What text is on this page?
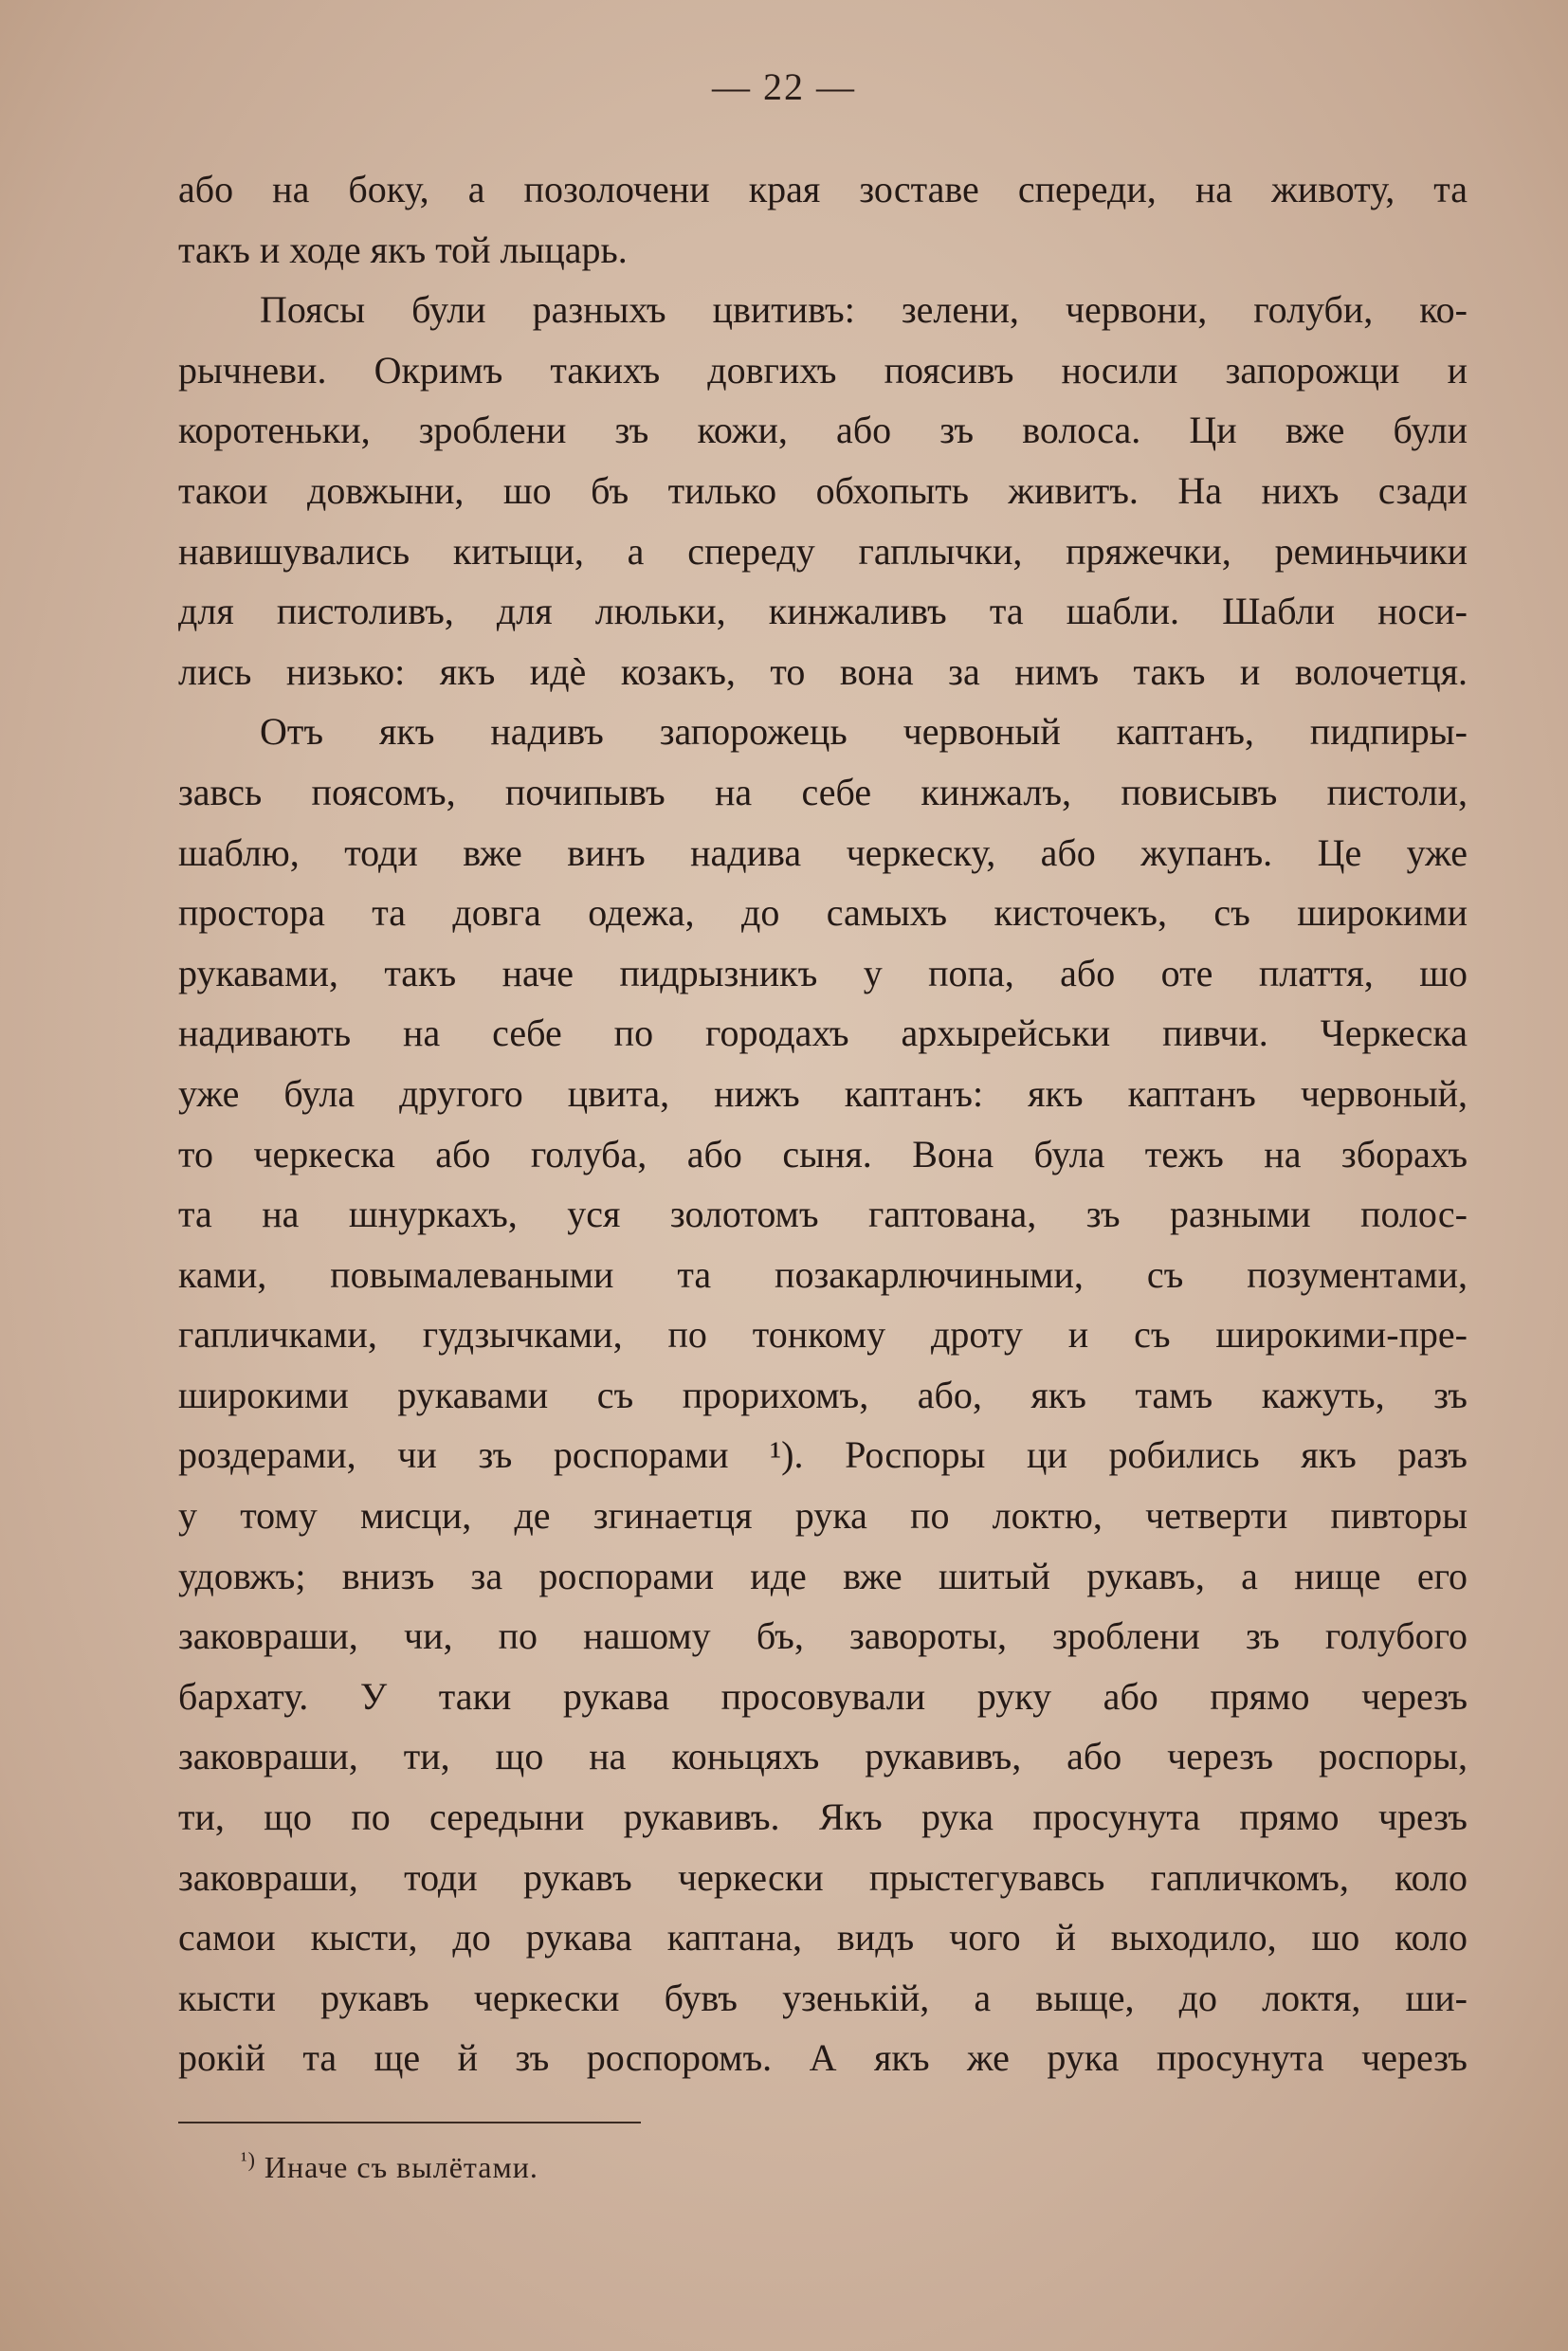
— 22 —
або на боку, а позолочени края зоставе спереди, на животу, та
такъ и ходе якъ той лыцарь.
Поясы були разныхъ цвитивъ: зелени, червони, голуби, ко-
рычневи. Окримъ такихъ довгихъ поясивъ носили запорожци и
коротеньки, зроблени зъ кожи, або зъ волоса. Ци вже були
такои довжыни, шо бъ тилько обхопыть живитъ. На нихъ сзади
навишувались китыци, а спереду гаплычки, пряжечки, реминьчики
для пистоливъ, для люльки, кинжаливъ та шабли. Шабли носи-
лись низько: якъ идѐ козакъ, то вона за нимъ такъ и волочетця.
Отъ якъ надивъ запорожець червоный каптанъ, пидпиры-
завсь поясомъ, почипывъ на себе кинжалъ, повисывъ пистоли,
шаблю, тоди вже винъ надива черкеску, або жупанъ. Це уже
простора та довга одежа, до самыхъ кисточекъ, съ широкими
рукавами, такъ наче пидрызникъ у попа, або оте плаття, шо
надивають на себе по городахъ архырейськи пивчи. Черкеска
уже була другого цвита, нижъ каптанъ: якъ каптанъ червоный,
то черкеска або голуба, або сыня. Вона була тежъ на зборахъ
та на шнуркахъ, уся золотомъ гаптована, зъ разными полос-
ками, повымалеваными та позакарлючиными, съ позументами,
гапличками, гудзычками, по тонкому дроту и съ широкими-пре-
широкими рукавами съ прорихомъ, або, якъ тамъ кажуть, зъ
роздерами, чи зъ роспорами ¹). Роспоры ци робились якъ разъ
у тому мисци, де згинаетця рука по локтю, четверти пивторы
удовжъ; внизъ за роспорами иде вже шитый рукавъ, а нище его
заковраши, чи, по нашому бъ, завороты, зроблени зъ голубого
бархату. У таки рукава просовували руку або прямо черезъ
заковраши, ти, що на коньцяхъ рукавивъ, або черезъ роспоры,
ти, що по середыни рукавивъ. Якъ рука просунута прямо чрезъ
заковраши, тоди рукавъ черкески прыстегувавсь гапличкомъ, коло
самои кысти, до рукава каптана, видъ чого й выходило, шо коло
кысти рукавъ черкески бувъ узенькій, а выще, до локтя, ши-
рокій та ще й зъ роспоромъ. А якъ же рука просунута черезъ
$^{^1)}$ Иначе съ вылётами.
